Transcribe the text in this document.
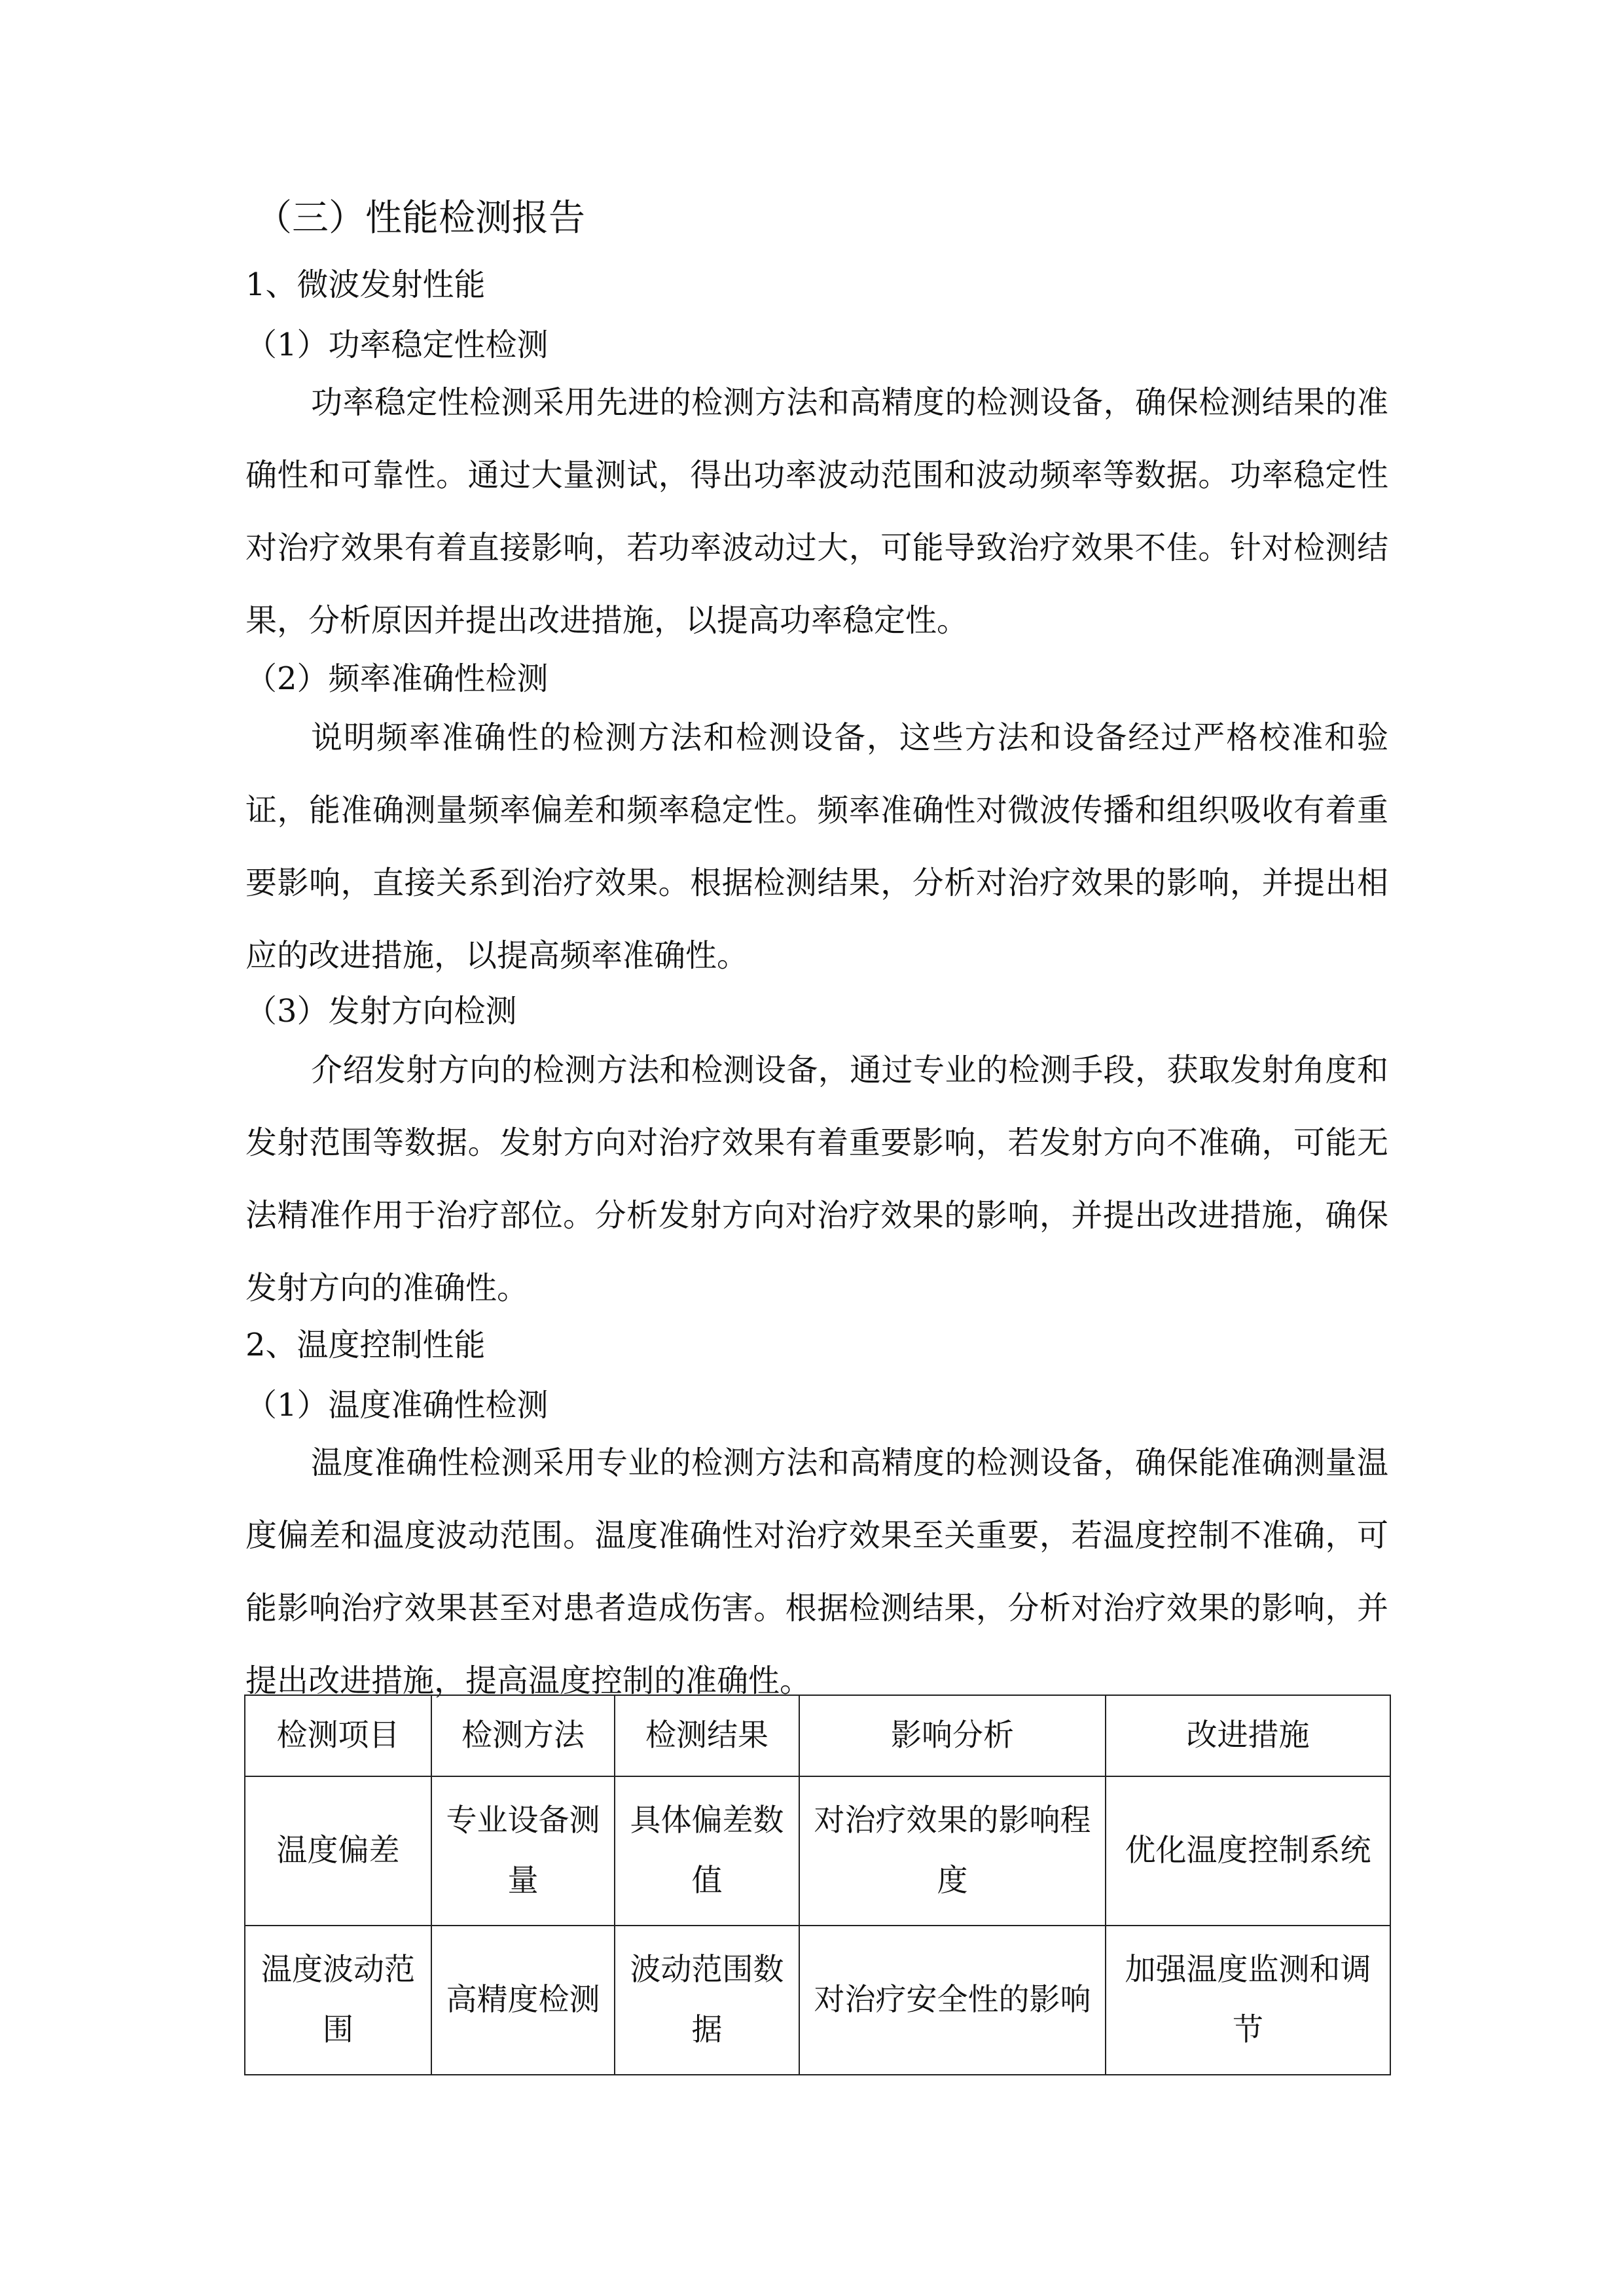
（三）性能检测报告

1、微波发射性能

（1）功率稳定性检测

功率稳定性检测采用先进的检测方法和高精度的检测设备，确保检测结果的准确性和可靠性。通过大量测试，得出功率波动范围和波动频率等数据。功率稳定性对治疗效果有着直接影响，若功率波动过大，可能导致治疗效果不佳。针对检测结果，分析原因并提出改进措施，以提高功率稳定性。

（2）频率准确性检测

说明频率准确性的检测方法和检测设备，这些方法和设备经过严格校准和验证，能准确测量频率偏差和频率稳定性。频率准确性对微波传播和组织吸收有着重要影响，直接关系到治疗效果。根据检测结果，分析对治疗效果的影响，并提出相应的改进措施，以提高频率准确性。

（3）发射方向检测

介绍发射方向的检测方法和检测设备，通过专业的检测手段，获取发射角度和发射范围等数据。发射方向对治疗效果有着重要影响，若发射方向不准确，可能无法精准作用于治疗部位。分析发射方向对治疗效果的影响，并提出改进措施，确保发射方向的准确性。

2、温度控制性能

（1）温度准确性检测

温度准确性检测采用专业的检测方法和高精度的检测设备，确保能准确测量温度偏差和温度波动范围。温度准确性对治疗效果至关重要，若温度控制不准确，可能影响治疗效果甚至对患者造成伤害。根据检测结果，分析对治疗效果的影响，并提出改进措施，提高温度控制的准确性。

检测项目	检测方法	检测结果	影响分析	改进措施
温度偏差	专业设备测量	具体偏差数值	对治疗效果的影响程度	优化温度控制系统
温度波动范围	高精度检测	波动范围数据	对治疗安全性的影响	加强温度监测和调节
